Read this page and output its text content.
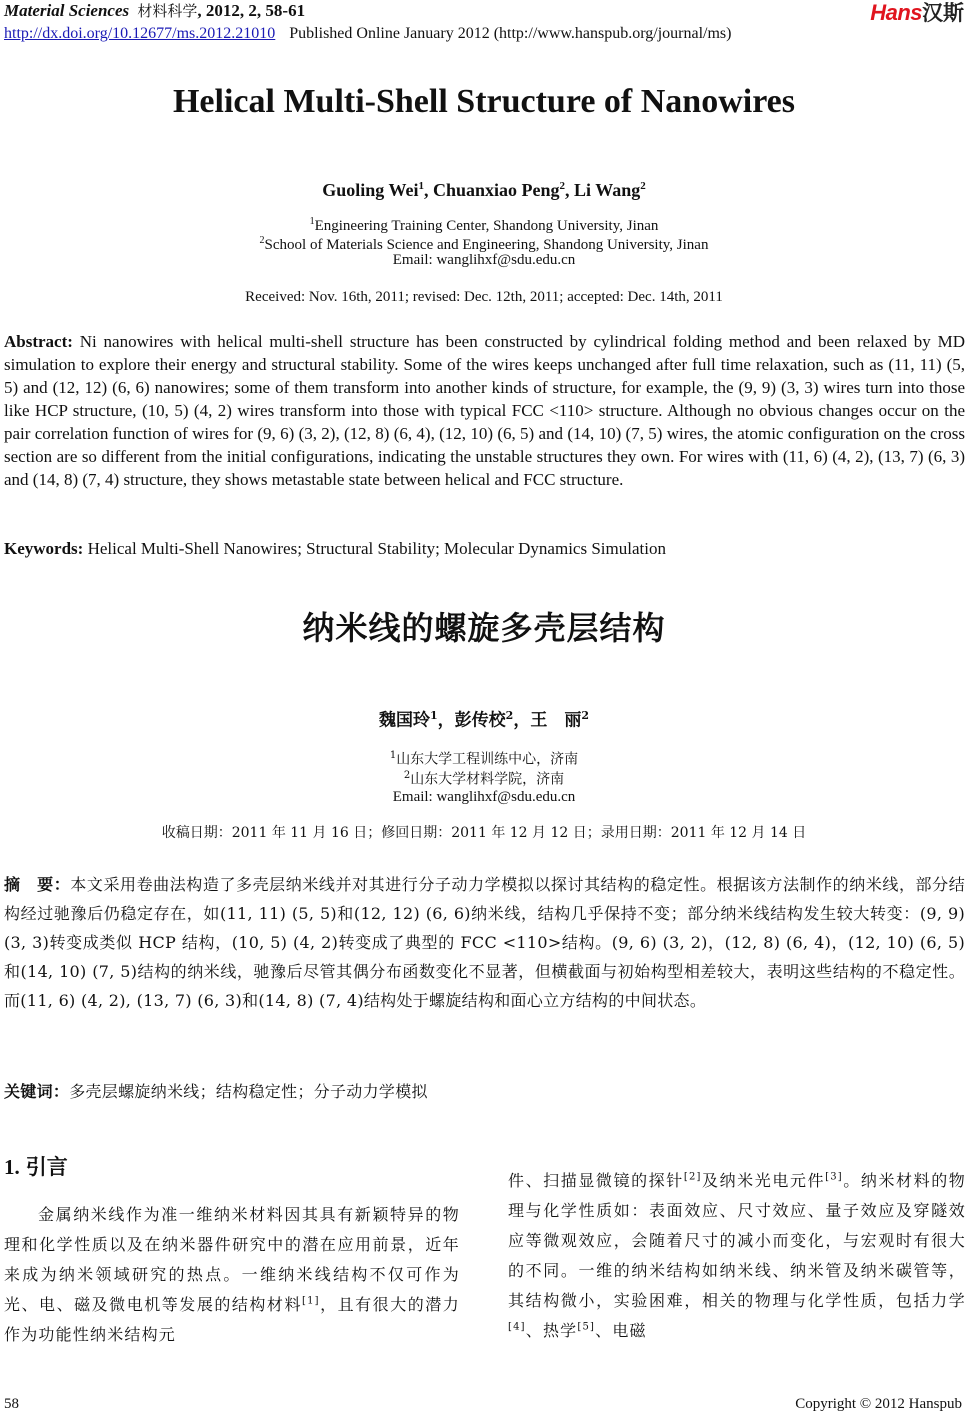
Material Sciences 材料科学, 2012, 2, 58-61
http://dx.doi.org/10.12677/ms.2012.21010 Published Online January 2012 (http://www.hanspub.org/journal/ms)
Hans汉斯
Helical Multi-Shell Structure of Nanowires
Guoling Wei$^1$, Chuanxiao Peng$^2$, Li Wang$^2$
$^1$Engineering Training Center, Shandong University, Jinan
$^2$School of Materials Science and Engineering, Shandong University, Jinan
Email: wanglihxf@sdu.edu.cn
Received: Nov. 16th, 2011; revised: Dec. 12th, 2011; accepted: Dec. 14th, 2011
Abstract: Ni nanowires with helical multi-shell structure has been constructed by cylindrical folding method and been relaxed by MD simulation to explore their energy and structural stability. Some of the wires keeps unchanged after full time relaxation, such as (11, 11) (5, 5) and (12, 12) (6, 6) nanowires; some of them transform into another kinds of structure, for example, the (9, 9) (3, 3) wires turn into those like HCP structure, (10, 5) (4, 2) wires transform into those with typical FCC <110> structure. Although no obvious changes occur on the pair correlation function of wires for (9, 6) (3, 2), (12, 8) (6, 4), (12, 10) (6, 5) and (14, 10) (7, 5) wires, the atomic configuration on the cross section are so different from the initial configurations, indicating the unstable structures they own. For wires with (11, 6) (4, 2), (13, 7) (6, 3) and (14, 8) (7, 4) structure, they shows metastable state between helical and FCC structure.
Keywords: Helical Multi-Shell Nanowires; Structural Stability; Molecular Dynamics Simulation
纳米线的螺旋多壳层结构
魏国玲$^1$，彭传校$^2$，王　丽$^2$
$^1$山东大学工程训练中心，济南
$^2$山东大学材料学院，济南
Email: wanglihxf@sdu.edu.cn
收稿日期：2011 年 11 月 16 日；修回日期：2011 年 12 月 12 日；录用日期：2011 年 12 月 14 日
摘　要：本文采用卷曲法构造了多壳层纳米线并对其进行分子动力学模拟以探讨其结构的稳定性。根据该方法制作的纳米线，部分结构经过驰豫后仍稳定存在，如(11, 11) (5, 5)和(12, 12) (6, 6)纳米线，结构几乎保持不变；部分纳米线结构发生较大转变：(9, 9) (3, 3)转变成类似 HCP 结构，(10, 5) (4, 2)转变成了典型的 FCC <110>结构。(9, 6) (3, 2)，(12, 8) (6, 4)，(12, 10) (6, 5)和(14, 10) (7, 5)结构的纳米线，驰豫后尽管其偶分布函数变化不显著，但横截面与初始构型相差较大，表明这些结构的不稳定性。而(11, 6) (4, 2), (13, 7) (6, 3)和(14, 8) (7, 4)结构处于螺旋结构和面心立方结构的中间状态。
关键词：多壳层螺旋纳米线；结构稳定性；分子动力学模拟
1. 引言
金属纳米线作为准一维纳米材料因其具有新颖特异的物理和化学性质以及在纳米器件研究中的潜在应用前景，近年来成为纳米领域研究的热点。一维纳米线结构不仅可作为光、电、磁及微电机等发展的结构材料[1]，且有很大的潜力作为功能性纳米结构元
件、扫描显微镜的探针[2]及纳米光电元件[3]。纳米材料的物理与化学性质如：表面效应、尺寸效应、量子效应及穿隧效应等微观效应，会随着尺寸的减小而变化，与宏观时有很大的不同。一维的纳米结构如纳米线、纳米管及纳米碳管等，其结构微小，实验困难，相关的物理与化学性质，包括力学[4]、热学[5]、电磁
58	Copyright © 2012 Hanspub
